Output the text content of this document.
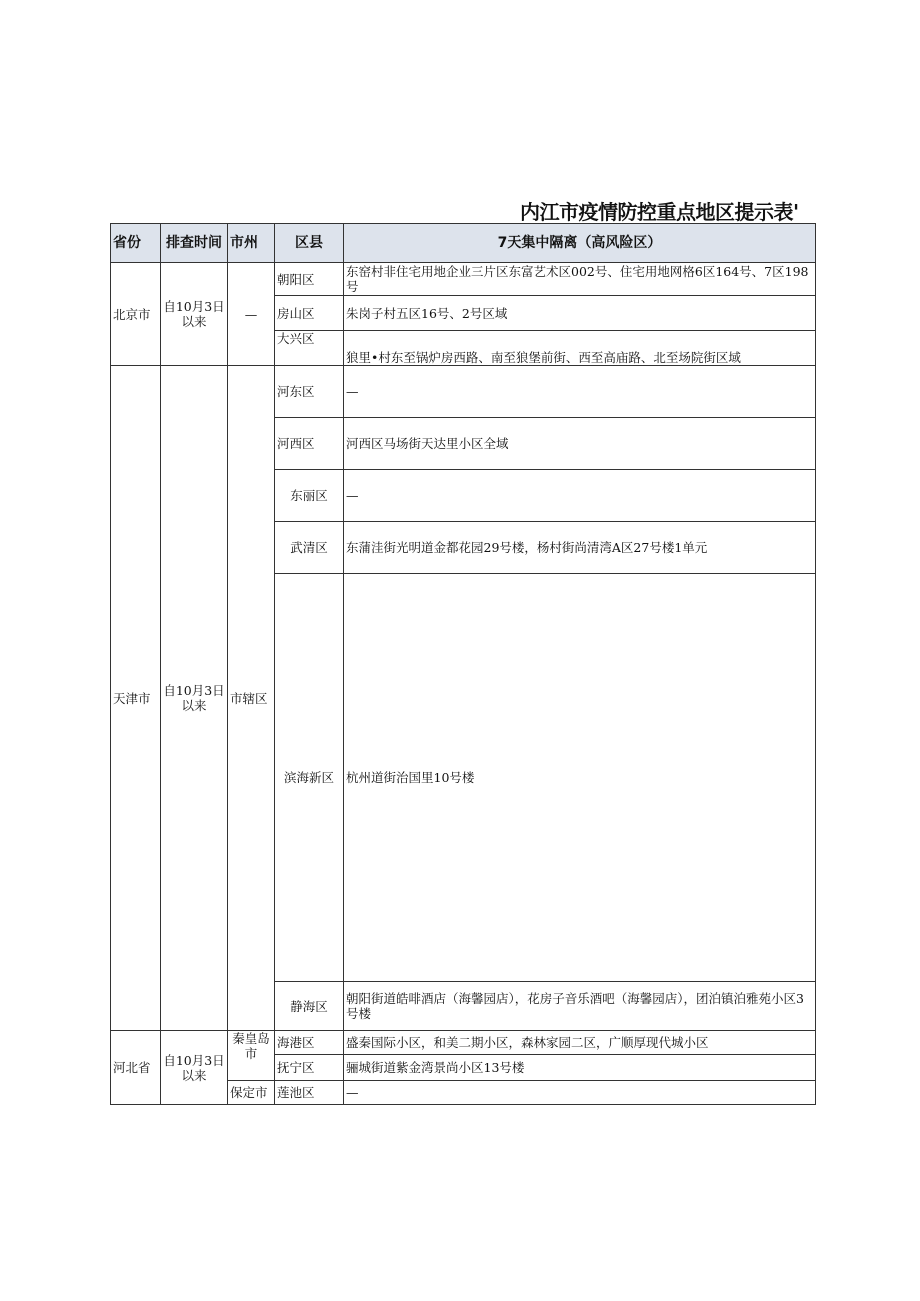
内江市疫情防控重点地区提示表'
省份	排查时间	市州	区县	7天集中隔离（高风险区）
北京市	自10月3日以来	—	朝阳区	东窑村非住宅用地企业三片区东富艺术区002号、住宅用地网格6区164号、7区198号
			房山区	朱岗子村五区16号、2号区域
			大兴区	狼里•村东至锅炉房西路、南至狼堡前街、西至高庙路、北至场院街区域
天津市	自10月3日以来	市辖区	河东区	—
			河西区	河西区马场街天达里小区全域
			东丽区	—
			武清区	东蒲洼街光明道金都花园29号楼，杨村街尚清湾A区27号楼1单元
			滨海新区	杭州道街治国里10号楼
			静海区	朝阳街道皓啡酒店（海馨园店），花房子音乐酒吧（海馨园店），团泊镇泊雅苑小区3号楼
河北省	自10月3日以来	秦皇岛市	海港区	盛秦国际小区，和美二期小区，森林家园二区，广顺厚现代城小区
			抚宁区	骊城街道紫金湾景尚小区13号楼
		保定市	莲池区	—
